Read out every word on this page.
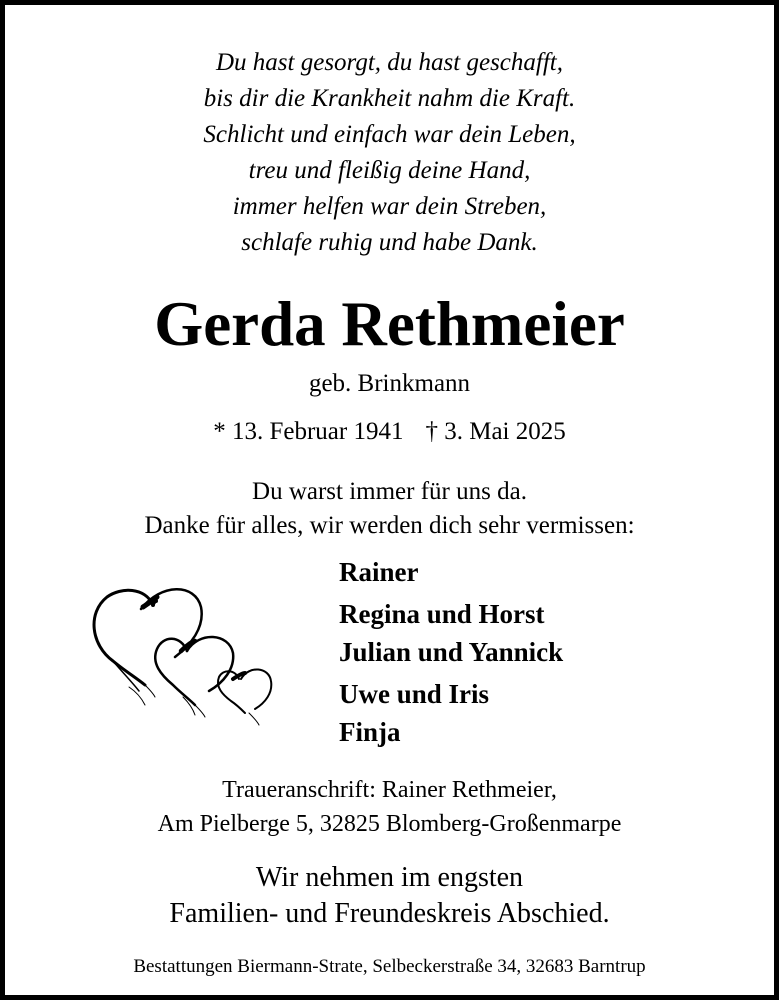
Du hast gesorgt, du hast geschafft,
bis dir die Krankheit nahm die Kraft.
Schlicht und einfach war dein Leben,
treu und fleißig deine Hand,
immer helfen war dein Streben,
schlafe ruhig und habe Dank.
Gerda Rethmeier
geb. Brinkmann
* 13. Februar 1941 † 3. Mai 2025
Du warst immer für uns da.
Danke für alles, wir werden dich sehr vermissen:
Rainer
Regina und Horst
Julian und Yannick
Uwe und Iris
Finja
Traueranschrift: Rainer Rethmeier,
Am Pielberge 5, 32825 Blomberg-Großenmarpe
Wir nehmen im engsten
Familien- und Freundeskreis Abschied.
Bestattungen Biermann-Strate, Selbeckerstraße 34, 32683 Barntrup
